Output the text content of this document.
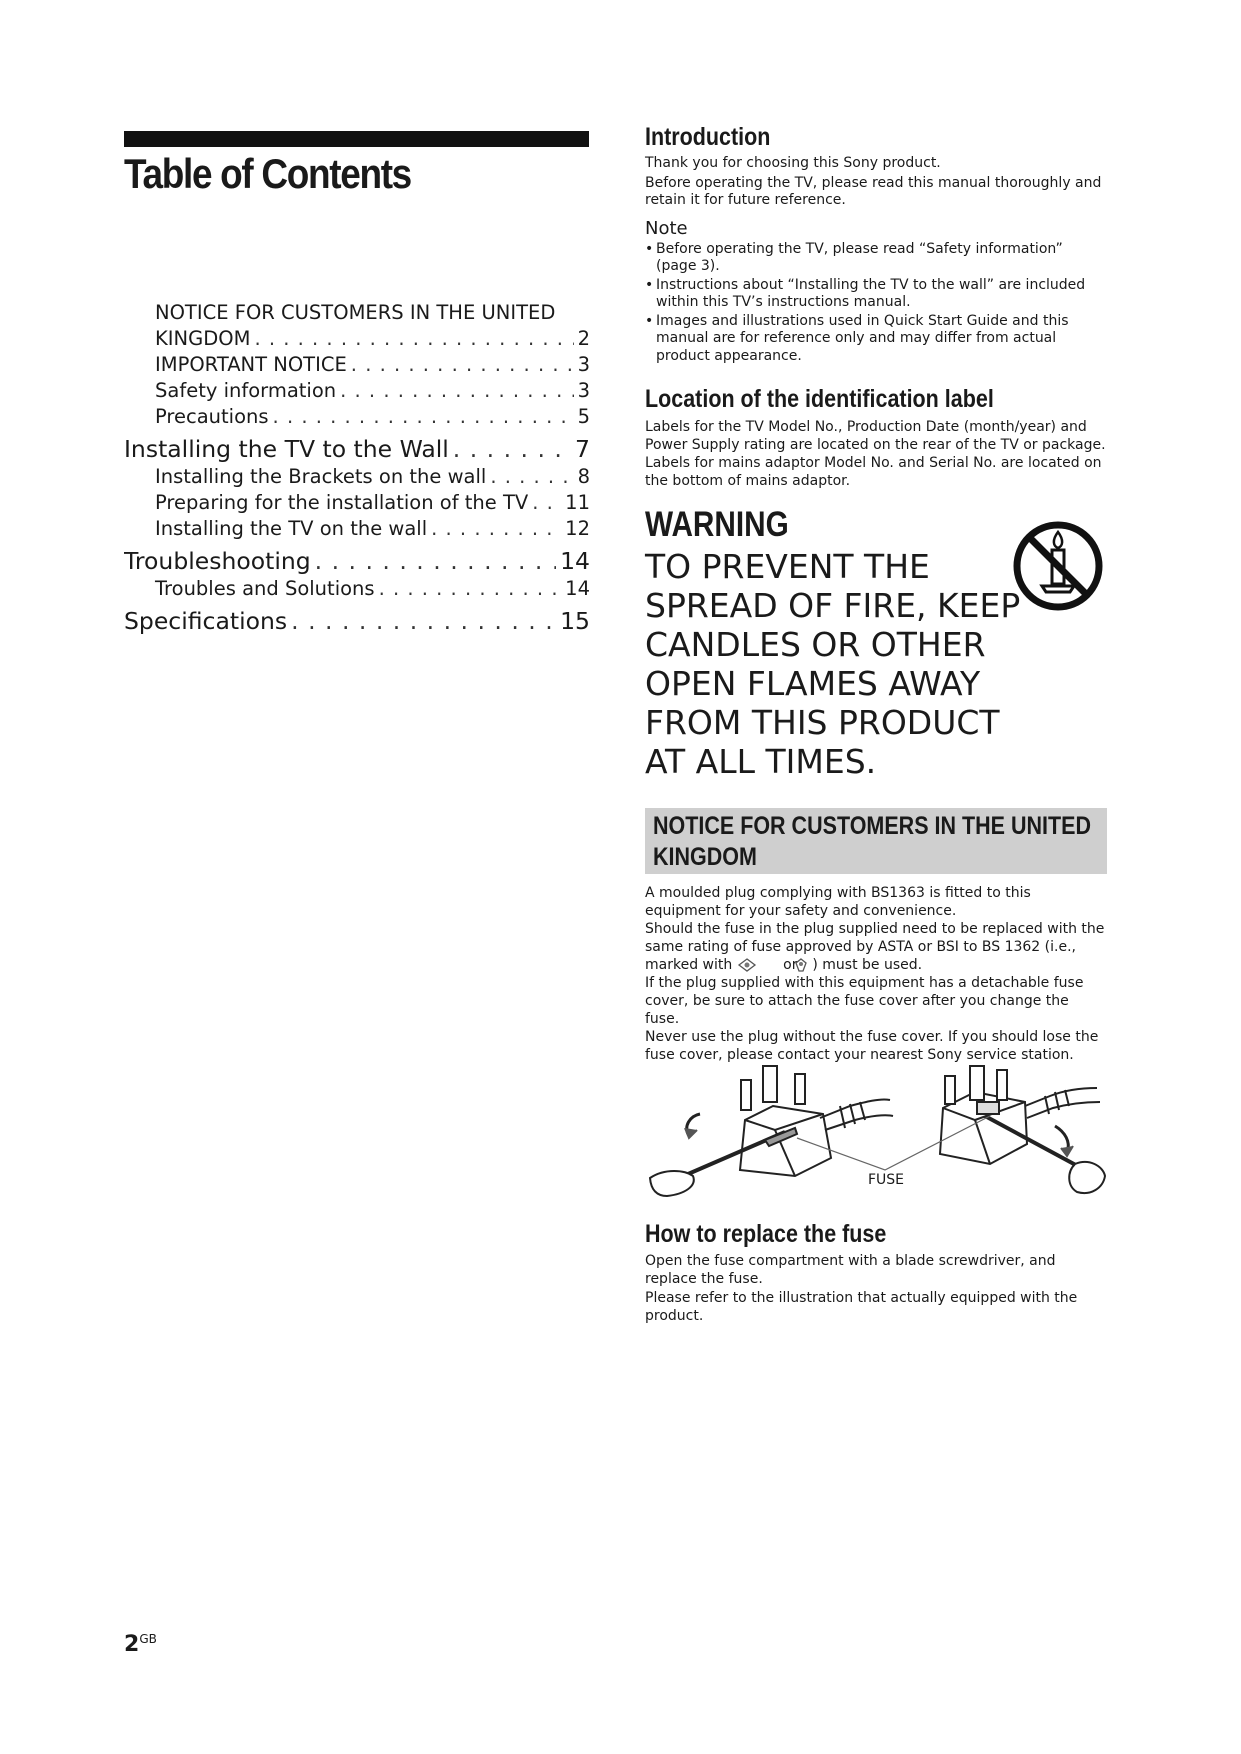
Table of Contents
NOTICE FOR CUSTOMERS IN THE UNITED
KINGDOM . . .	2
IMPORTANT NOTICE . . .	3
Safety information . . .	3
Precautions . . .	5
Installing the TV to the Wall . . .	7
Installing the Brackets on the wall . . .	8
Preparing for the installation of the TV . . . 11
Installing the TV on the wall . . .	12
Troubleshooting . . .	14
Troubles and Solutions . . .	14
Specifications . . .	15
Introduction

Thank you for choosing this Sony product.

Before operating the TV, please read this manual thoroughly and retain it for future reference.

Note
• Before operating the TV, please read “Safety information” (page 3).
• Instructions about “Installing the TV to the wall” are included within this TV’s instructions manual.
• Images and illustrations used in Quick Start Guide and this manual are for reference only and may differ from actual product appearance.
Location of the identification label

Labels for the TV Model No., Production Date (month/year) and Power Supply rating are located on the rear of the TV or package. Labels for mains adaptor Model No. and Serial No. are located on the bottom of mains adaptor.

WARNING

TO PREVENT THE SPREAD OF FIRE, KEEP CANDLES OR OTHER OPEN FLAMES AWAY FROM THIS PRODUCT AT ALL TIMES.

NOTICE FOR CUSTOMERS IN THE UNITED KINGDOM

A moulded plug complying with BS1363 is fitted to this equipment for your safety and convenience.

Should the fuse in the plug supplied need to be replaced with the same rating of fuse approved by ASTA or BSI to BS 1362 (i.e., marked with	or ) must be used.

If the plug supplied with this equipment has a detachable fuse cover, be sure to attach the fuse cover after you change the fuse.

Never use the plug without the fuse cover. If you should lose the fuse cover, please contact your nearest Sony service station.

FUSE
How to replace the fuse

Open the fuse compartment with a blade screwdriver, and replace the fuse.

Please refer to the illustration that actually equipped with the product.

$2^{GB}$
